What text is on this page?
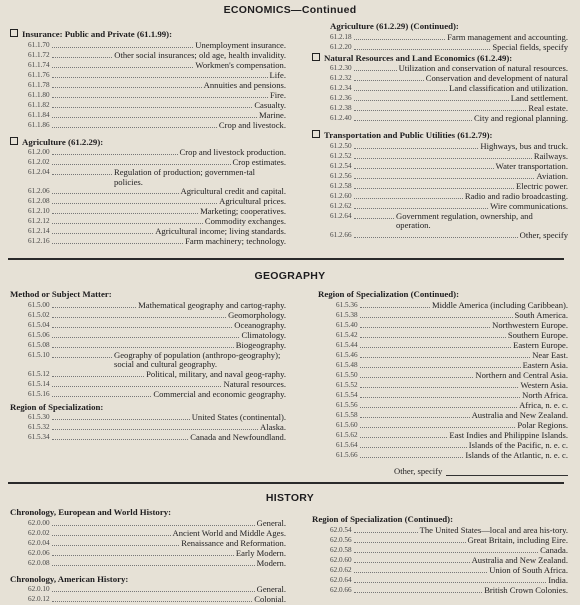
ECONOMICS—Continued
Insurance: Public and Private (61.1.99):
61.1.70	Unemployment insurance.
61.1.72	Other social insurances; old age, health invalidity.
61.1.74	Workmen's compensation.
61.1.76	Life.
61.1.78	Annuities and pensions.
61.1.80	Fire.
61.1.82	Casualty.
61.1.84	Marine.
61.1.86	Crop and livestock.
Agriculture (61.2.29):
61.2.00	Crop and livestock production.
61.2.02	Crop estimates.
61.2.04	Regulation of production; governmen-tal policies.
61.2.06	Agricultural credit and capital.
61.2.08	Agricultural prices.
61.2.10	Marketing; cooperatives.
61.2.12	Commodity exchanges.
61.2.14	Agricultural income; living standards.
61.2.16	Farm machinery; technology.
Agriculture (61.2.29) (Continued):
61.2.18	Farm management and accounting.
61.2.20	Special fields, specify
Natural Resources and Land Economics (61.2.49):
61.2.30	Utilization and conservation of natural resources.
61.2.32	Conservation and development of natural
61.2.34	Land classification and utilization.
61.2.36	Land settlement.
61.2.38	Real estate.
61.2.40	City and regional planning.
Transportation and Public Utilities (61.2.79):
61.2.50	Highways, bus and truck.
61.2.52	Railways.
61.2.54	Water transportation.
61.2.56	Aviation.
61.2.58	Electric power.
61.2.60	Radio and radio broadcasting.
61.2.62	Wire communications.
61.2.64	Government regulation, ownership, and operation.
61.2.66	Other, specify
GEOGRAPHY
Method or Subject Matter:
61.5.00	Mathematical geography and cartog-raphy.
61.5.02	Geomorphology.
61.5.04	Oceanography.
61.5.06	Climatology.
61.5.08	Biogeography.
61.5.10	Geography of population (anthropo-geography); social and cultural geography.
61.5.12	Political, military, and naval geog-raphy.
61.5.14	Natural resources.
61.5.16	Commercial and economic geography.
Region of Specialization:
61.5.30	United States (continental).
61.5.32	Alaska.
61.5.34	Canada and Newfoundland.
Region of Specialization (Continued):
61.5.36	Middle America (including Caribbean).
61.5.38	South America.
61.5.40	Northwestern Europe.
61.5.42	Southern Europe.
61.5.44	Eastern Europe.
61.5.46	Near East.
61.5.48	Eastern Asia.
61.5.50	Northern and Central Asia.
61.5.52	Western Asia.
61.5.54	North Africa.
61.5.56	Africa, n. e. c.
61.5.58	Australia and New Zealand.
61.5.60	Polar Regions.
61.5.62	East Indies and Philippine Islands.
61.5.64	Islands of the Pacific, n. e. c.
61.5.66	Islands of the Atlantic, n. e. c.
Other, specify
HISTORY
Chronology, European and World History:
62.0.00	General.
62.0.02	Ancient World and Middle Ages.
62.0.04	Renaissance and Reformation.
62.0.06	Early Modern.
62.0.08	Modern.
Chronology, American History:
62.0.10	General.
62.0.12	Colonial.
Region of Specialization (Continued):
62.0.54	The United States—local and area his-tory.
62.0.56	Great Britain, including Eire.
62.0.58	Canada.
62.0.60	Australia and New Zealand.
62.0.62	Union of South Africa.
62.0.64	India.
62.0.66	British Crown Colonies.
